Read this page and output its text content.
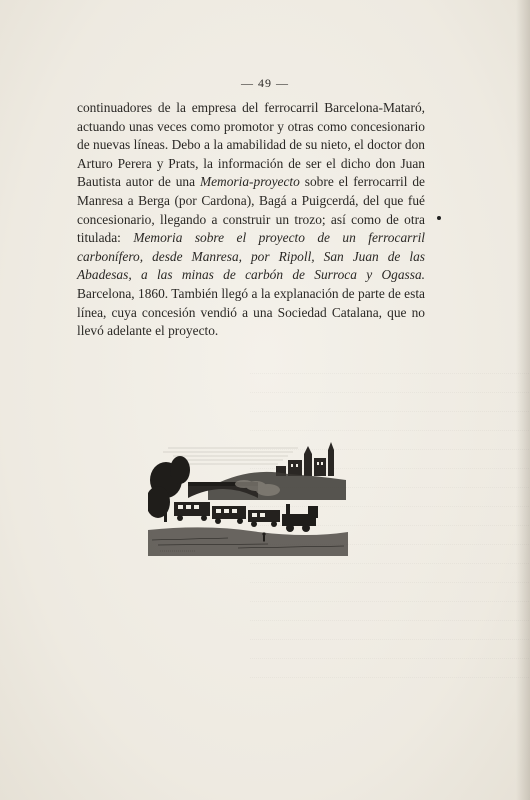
— 49 —

continuadores de la empresa del ferrocarril Barcelona-Mataró, actuando unas veces como promotor y otras como concesionario de nuevas líneas. Debo a la amabilidad de su nieto, el doctor don Arturo Perera y Prats, la información de ser el dicho don Juan Bautista autor de una Memoria-proyecto sobre el ferrocarril de Manresa a Berga (por Cardona), Bagá a Puigcerdá, del que fué concesionario, llegando a construir un trozo; así como de otra titulada: Memoria sobre el proyecto de un ferrocarril carbonífero, desde Manresa, por Ripoll, San Juan de las Abadesas, a las minas de carbón de Surroca y Ogassa. Barcelona, 1860. También llegó a la explanación de parte de esta línea, cuya concesión vendió a una Sociedad Catalana, que no llevó adelante el proyecto.
